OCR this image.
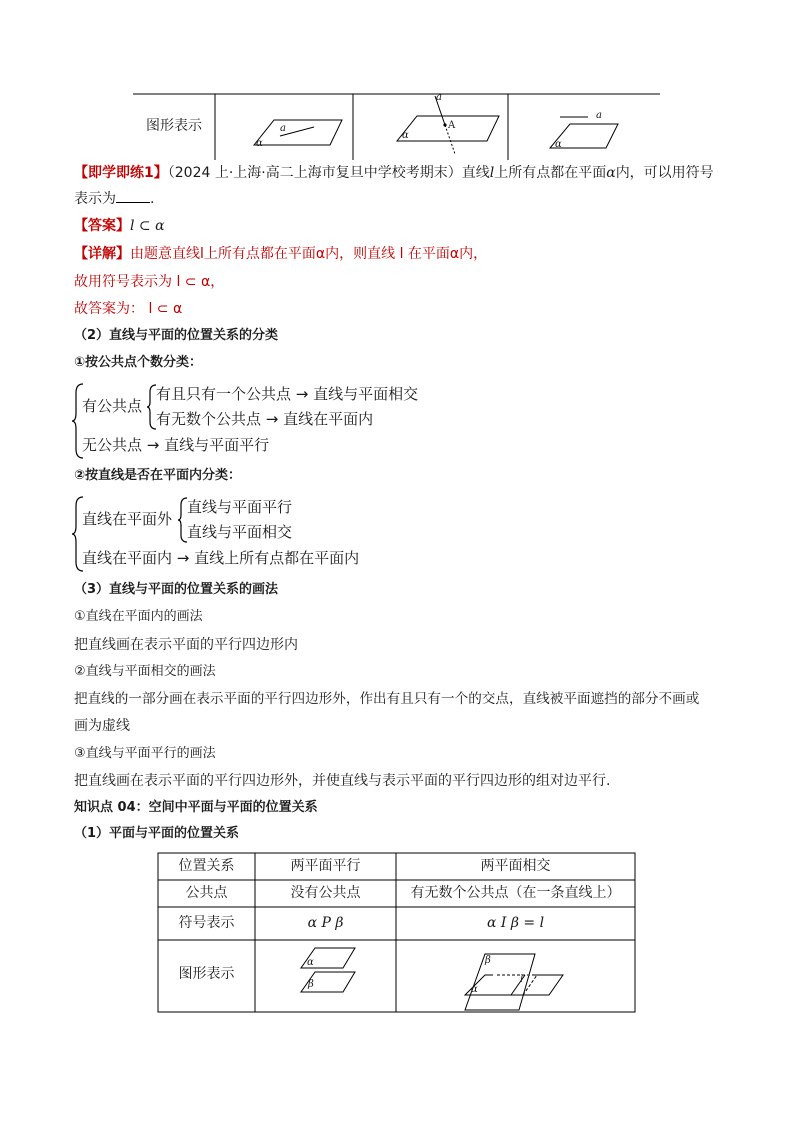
图形表示	a
α
a
A
α
a
α
【即学即练1】（2024 上·上海·高二上海市复旦中学校考期末）直线l上所有点都在平面α内，可以用符号
表示为 .
【答案】l ⊂ α
【详解】由题意直线l上所有点都在平面α内，则直线 l 在平面α内，
故用符号表示为 l ⊂ α，
故答案为： l ⊂ α
（2）直线与平面的位置关系的分类
①按公共点个数分类：
有公共点
有且只有一个公共点 → 直线与平面相交
有无数个公共点 → 直线在平面内
无公共点 → 直线与平面平行
②按直线是否在平面内分类：
直线在平面外
直线与平面平行
直线与平面相交
直线在平面内 → 直线上所有点都在平面内
（3）直线与平面的位置关系的画法
①直线在平面内的画法
把直线画在表示平面的平行四边形内
②直线与平面相交的画法
把直线的一部分画在表示平面的平行四边形外，作出有且只有一个的交点，直线被平面遮挡的部分不画或
画为虚线
③直线与平面平行的画法
把直线画在表示平面的平行四边形外，并使直线与表示平面的平行四边形的组对边平行.
知识点 04：空间中平面与平面的位置关系
（1）平面与平面的位置关系
位置关系	两平面平行	两平面相交
公共点	没有公共点	有无数个公共点（在一条直线上）
符号表示	α P β	α I β = l
图形表示
α
β
β
α
l
